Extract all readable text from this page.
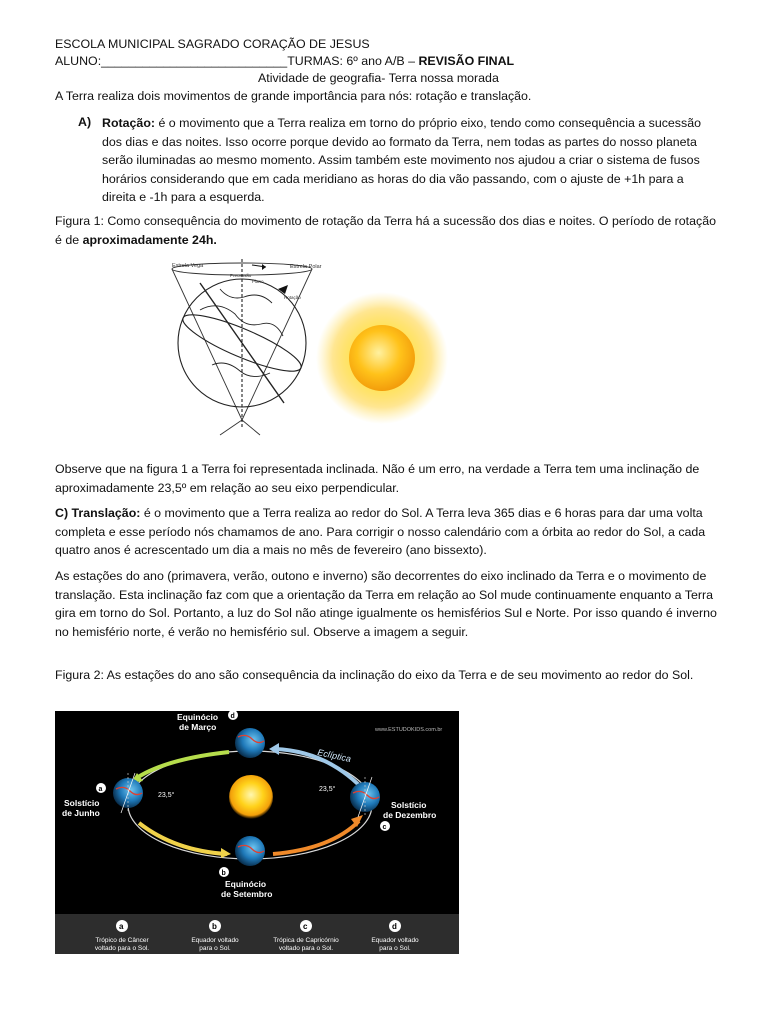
ESCOLA MUNICIPAL SAGRADO CORAÇÃO DE JESUS
ALUNO:___________________________TURMAS: 6º ano A/B – REVISÃO FINAL
Atividade de geografia- Terra nossa morada
A Terra realiza dois movimentos de grande importância para nós: rotação e translação.
A) Rotação: é o movimento que a Terra realiza em torno do próprio eixo, tendo como consequência a sucessão dos dias e das noites. Isso ocorre porque devido ao formato da Terra, nem todas as partes do nosso planeta serão iluminadas ao mesmo momento. Assim também este movimento nos ajudou a criar o sistema de fusos horários considerando que em cada meridiano as horas do dia vão passando, com o ajuste de +1h para a direita e -1h para a esquerda.
Figura 1: Como consequência do movimento de rotação da Terra há a sucessão dos dias e noites. O período de rotação é de aproximadamente 24h.
Estrela Vega	Estrela Polar
Precessão
Plano
Rotação
Observe que na figura 1 a Terra foi representada inclinada. Não é um erro, na verdade a Terra tem uma inclinação de aproximadamente 23,5º em relação ao seu eixo perpendicular.
C) Translação: é o movimento que a Terra realiza ao redor do Sol. A Terra leva 365 dias e 6 horas para dar uma volta completa e esse período nós chamamos de ano. Para corrigir o nosso calendário com a órbita ao redor do Sol, a cada quatro anos é acrescentado um dia a mais no mês de fevereiro (ano bissexto).
As estações do ano (primavera, verão, outono e inverno) são decorrentes do eixo inclinado da Terra e o movimento de translação. Esta inclinação faz com que a orientação da Terra em relação ao Sol mude continuamente enquanto a Terra gira em torno do Sol. Portanto, a luz do Sol não atinge igualmente os hemisférios Sul e Norte. Por isso quando é inverno no hemisfério norte, é verão no hemisfério sul. Observe a imagem a seguir.
Figura 2: As estações do ano são consequência da inclinação do eixo da Terra e de seu movimento ao redor do Sol.
Eclíptica
www.ESTUDOKIDS.com.br
23,5°
23,5°
d
a
b
c
Equinócio
de Março
Solstício
de Junho
Equinócio
de Setembro
Solstício
de Dezembro
a
Trópico de Câncer
voltado para o Sol.
b
Equador voltado
para o Sol.
c
Trópica de Capricórnio
voltado para o Sol.
d
Equador voltado
para o Sol.
